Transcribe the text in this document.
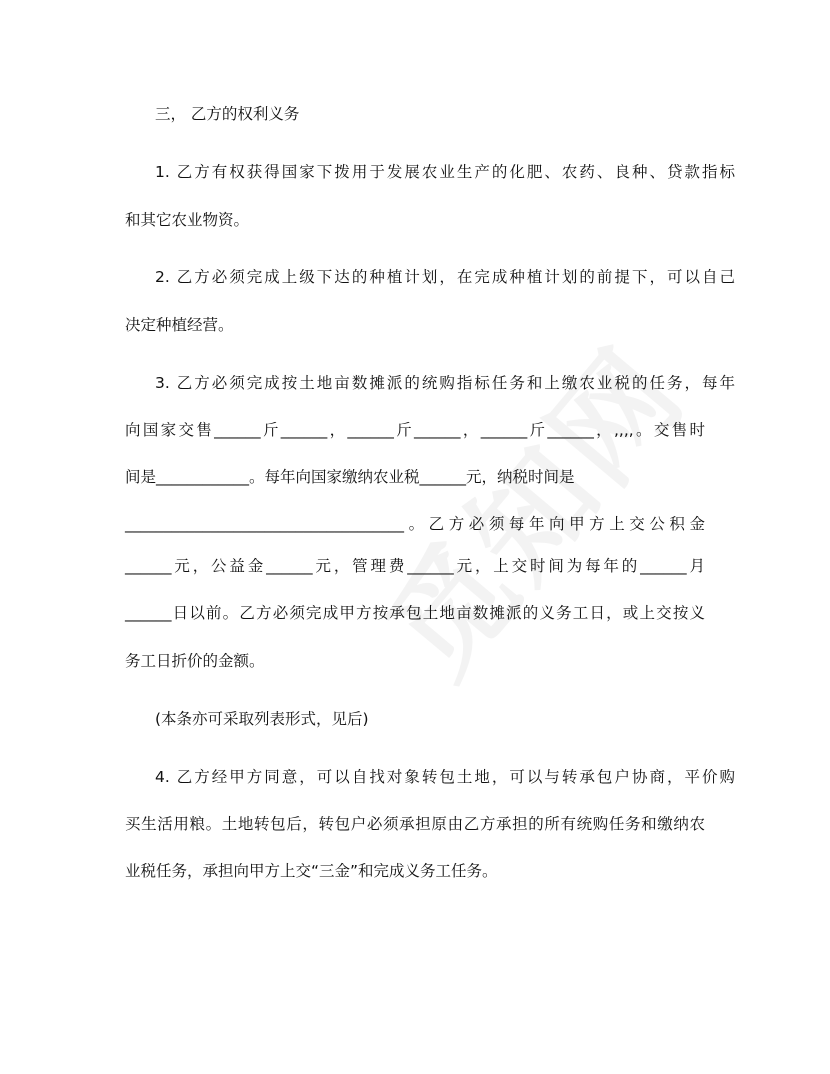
三， 乙方的权利义务
1. 乙方有权获得国家下拨用于发展农业生产的化肥、农药、良种、贷款指标
和其它农业物资。
2. 乙方必须完成上级下达的种植计划，在完成种植计划的前提下，可以自己
决定种植经营。
3. 乙方必须完成按土地亩数摊派的统购指标任务和上缴农业税的任务，每年
向国家交售______斤______，______斤______，______斤______，,,,,。交售时
间是____________。每年向国家缴纳农业税______元，纳税时间是
____________________________________。乙方必须每年向甲方上交公积金
______元，公益金______元，管理费______元，上交时间为每年的______月
______日以前。乙方必须完成甲方按承包土地亩数摊派的义务工日，或上交按义
务工日折价的金额。
(本条亦可采取列表形式，见后)
4. 乙方经甲方同意，可以自找对象转包土地，可以与转承包户协商，平价购
买生活用粮。土地转包后，转包户必须承担原由乙方承担的所有统购任务和缴纳农
业税任务，承担向甲方上交“三金”和完成义务工任务。
